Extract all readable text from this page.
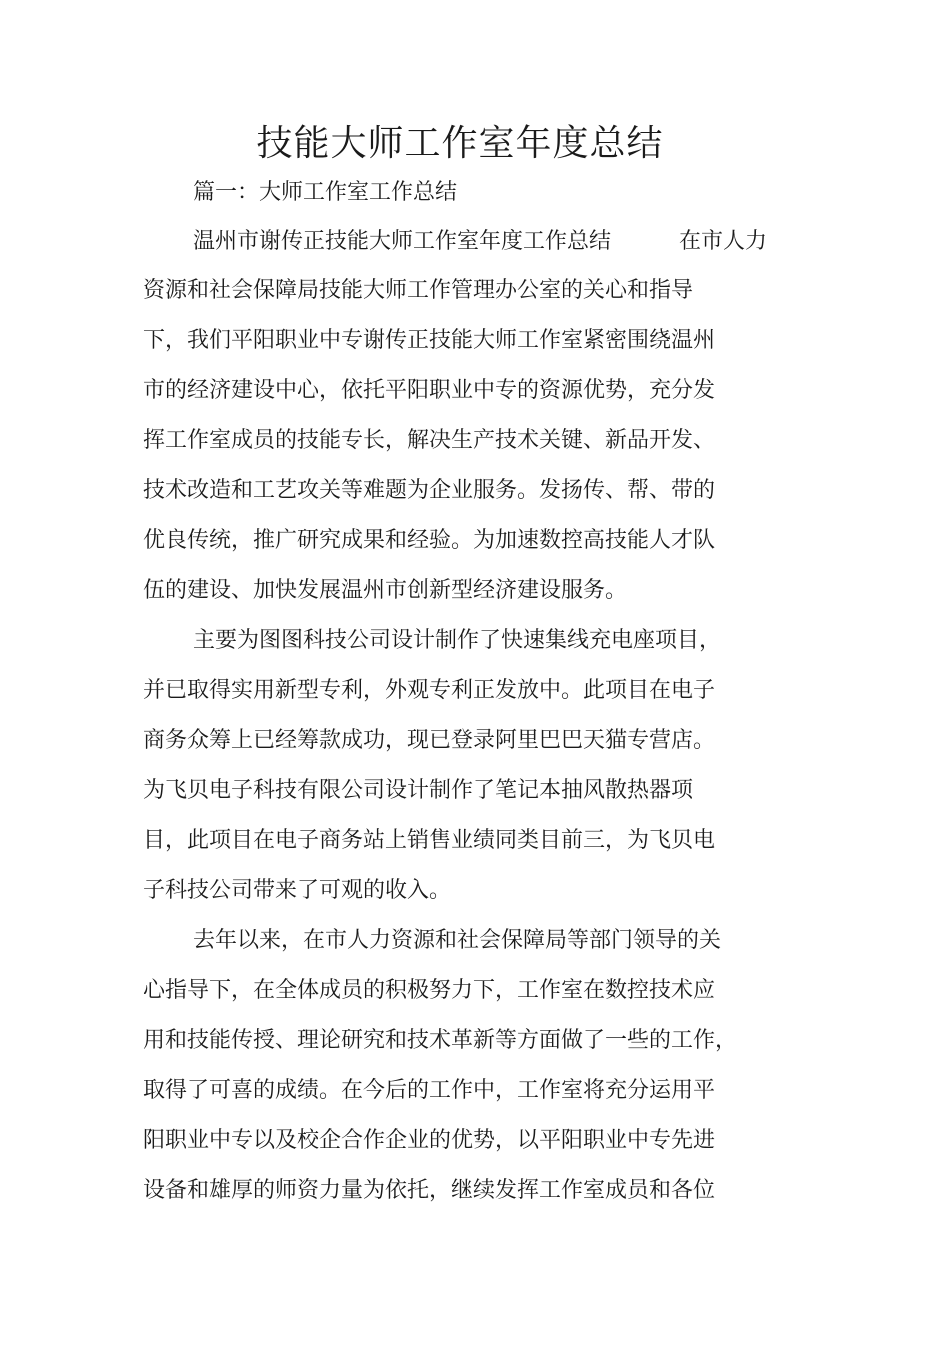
技能大师工作室年度总结
篇一：大师工作室工作总结
温州市谢传正技能大师工作室年度工作总结	在市人力
资源和社会保障局技能大师工作管理办公室的关心和指导
下，我们平阳职业中专谢传正技能大师工作室紧密围绕温州
市的经济建设中心，依托平阳职业中专的资源优势，充分发
挥工作室成员的技能专长，解决生产技术关键、新品开发、
技术改造和工艺攻关等难题为企业服务。发扬传、帮、带的
优良传统，推广研究成果和经验。为加速数控高技能人才队
伍的建设、加快发展温州市创新型经济建设服务。
主要为图图科技公司设计制作了快速集线充电座项目，
并已取得实用新型专利，外观专利正发放中。此项目在电子
商务众筹上已经筹款成功，现已登录阿里巴巴天猫专营店。
为飞贝电子科技有限公司设计制作了笔记本抽风散热器项
目，此项目在电子商务站上销售业绩同类目前三，为飞贝电
子科技公司带来了可观的收入。
去年以来，在市人力资源和社会保障局等部门领导的关
心指导下，在全体成员的积极努力下，工作室在数控技术应
用和技能传授、理论研究和技术革新等方面做了一些的工作，
取得了可喜的成绩。在今后的工作中，工作室将充分运用平
阳职业中专以及校企合作企业的优势，以平阳职业中专先进
设备和雄厚的师资力量为依托，继续发挥工作室成员和各位
